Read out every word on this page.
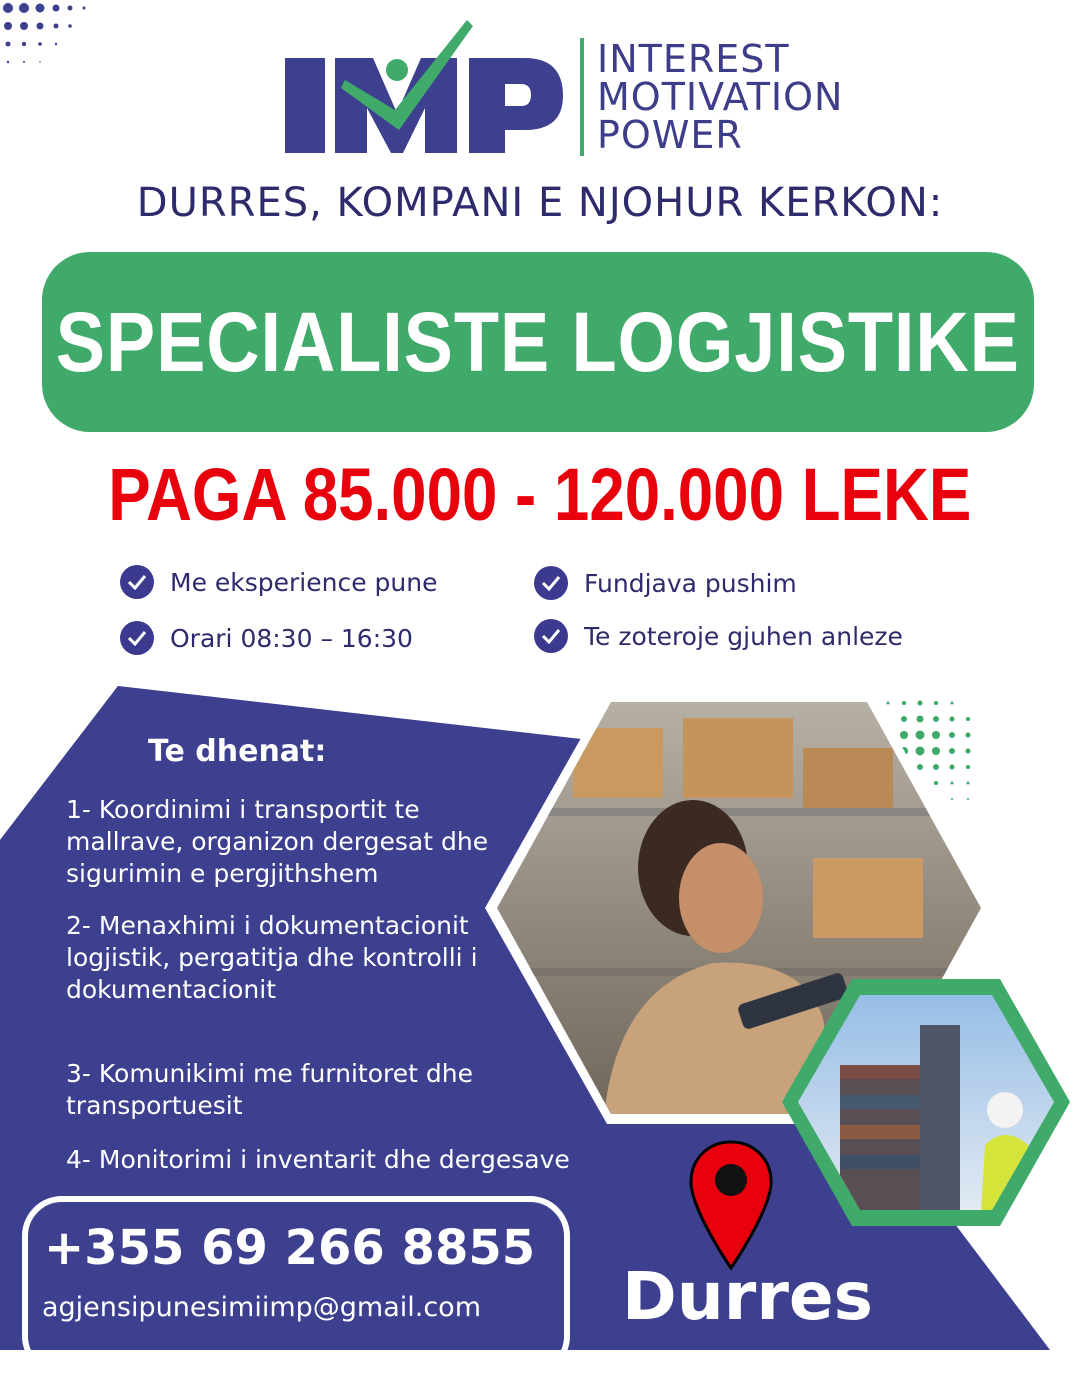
INTEREST
MOTIVATION
POWER
DURRES, KOMPANI E NJOHUR KERKON:
SPECIALISTE LOGJISTIKE
PAGA 85.000 - 120.000 LEKE
Me eksperience pune	Fundjava pushim
Orari 08:30 – 16:30	Te zoteroje gjuhen anleze
Te dhenat:
1- Koordinimi i transportit te mallrave, organizon dergesat dhe sigurimin e pergjithshem
2- Menaxhimi i dokumentacionit logjistik, pergatitja dhe kontrolli i dokumentacionit
3- Komunikimi me furnitoret dhe transportuesit
4- Monitorimi i inventarit dhe dergesave
Durres
+355 69 266 8855
agjensipunesimiimp@gmail.com
